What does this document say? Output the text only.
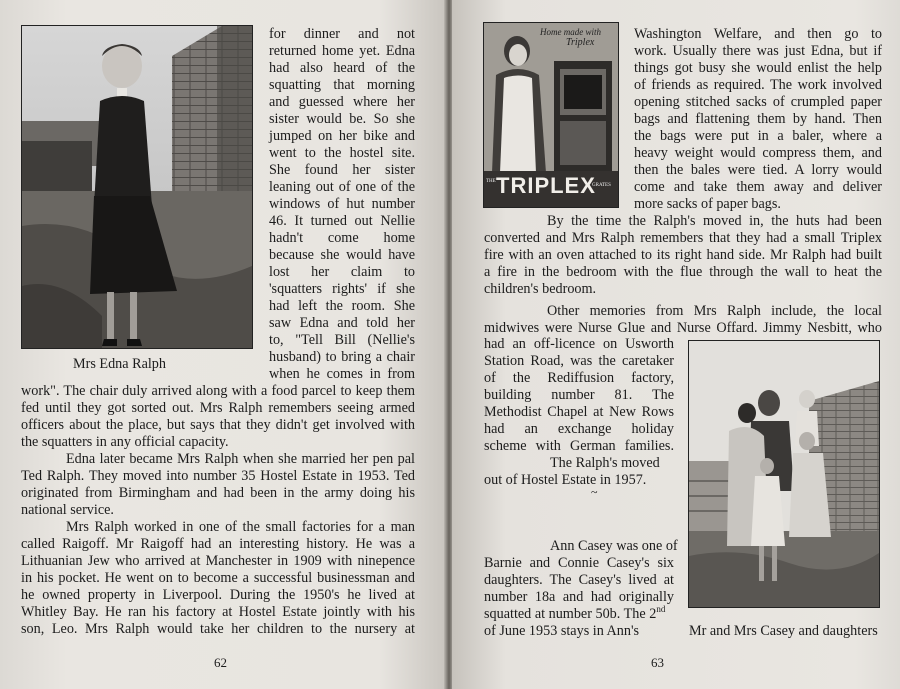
Mrs Edna Ralph
for dinner and not
returned home yet. Edna
had also heard of the
squatting that morning
and guessed where her
sister would be. So she
jumped on her bike and
went to the hostel site.
She found her sister
leaning out of one of the
windows of hut number
46. It turned out Nellie
hadn't come home
because she would have
lost her claim to
'squatters rights' if she
had left the room. She
saw Edna and told her
to, "Tell Bill (Nellie's
husband) to bring a chair
when he comes in from
work". The chair duly arrived along with a food parcel to keep them
fed until they got sorted out. Mrs Ralph remembers seeing armed
officers about the place, but says that they didn't get involved with
the squatters in any official capacity.
Edna later became Mrs Ralph when she married her pen pal
Ted Ralph. They moved into number 35 Hostel Estate in 1953. Ted
originated from Birmingham and had been in the army doing his
national service.
Mrs Ralph worked in one of the small factories for a man
called Raigoff. Mr Raigoff had an interesting history. He was a
Lithuanian Jew who arrived at Manchester in 1909 with ninepence
in his pocket. He went on to become a successful businessman and
he owned property in Liverpool. During the 1950's he lived at
Whitley Bay. He ran his factory at Hostel Estate jointly with his
son, Leo. Mrs Ralph would take her children to the nursery at
62
Home made with
Triplex
THE TRIPLEX
GRATES
Washington Welfare, and then go to
work. Usually there was just Edna, but if
things got busy she would enlist the help
of friends as required. The work involved
opening stitched sacks of crumpled paper
bags and flattening them by hand. Then
the bags were put in a baler, where a
heavy weight would compress them, and
then the bales were tied. A lorry would
come and take them away and deliver
more sacks of paper bags.
By the time the Ralph's moved in, the huts had been
converted and Mrs Ralph remembers that they had a small Triplex
fire with an oven attached to its right hand side. Mr Ralph had built
a fire in the bedroom with the flue through the wall to heat the
children's bedroom.
Other memories from Mrs Ralph include, the local
midwives were Nurse Glue and Nurse Offard. Jimmy Nesbitt, who
had an off-licence on Usworth
Station Road, was the caretaker
of the Rediffusion factory,
building number 81. The
Methodist Chapel at New Rows
had an exchange holiday
scheme with German families.
The Ralph's moved
out of Hostel Estate in 1957.
~
Ann Casey was one of
Barnie and Connie Casey's six
daughters. The Casey's lived at
number 18a and had originally
squatted at number 50b. The 2nd
of June 1953 stays in Ann's	Mr and Mrs Casey and daughters
63
